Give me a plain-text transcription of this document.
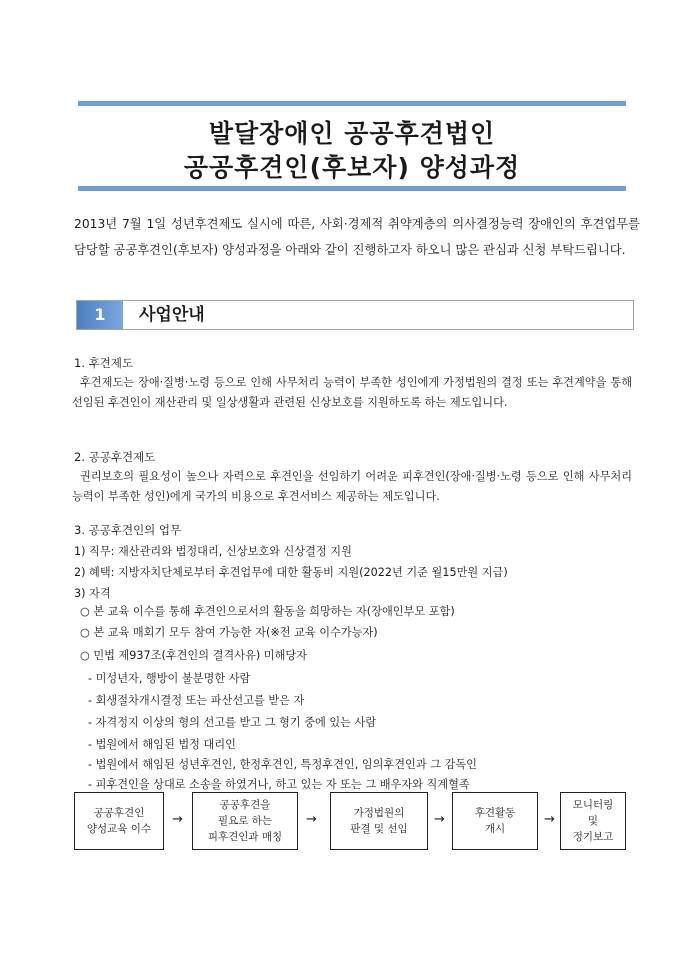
발달장애인 공공후견법인
공공후견인(후보자) 양성과정

2013년 7월 1일 성년후견제도 실시에 따른, 사회·경제적 취약계층의 의사결정능력 장애인의 후견업무를 담당할 공공후견인(후보자) 양성과정을 아래와 같이 진행하고자 하오니 많은 관심과 신청 부탁드립니다.

1	사업안내
1. 후견제도

후견제도는 장애·질병·노령 등으로 인해 사무처리 능력이 부족한 성인에게 가정법원의 결정 또는 후견계약을 통해 선임된 후견인이 재산관리 및 일상생활과 관련된 신상보호를 지원하도록 하는 제도입니다.

2. 공공후견제도

권리보호의 필요성이 높으나 자력으로 후견인을 선임하기 어려운 피후견인(장애·질병·노령 등으로 인해 사무처리 능력이 부족한 성인)에게 국가의 비용으로 후견서비스 제공하는 제도입니다.

3. 공공후견인의 업무

1) 직무: 재산관리와 법정대리, 신상보호와 신상결정 지원

2) 혜택: 지방자치단체로부터 후견업무에 대한 활동비 지원(2022년 기준 월15만원 지급)

3) 자격

○ 본 교육 이수를 통해 후견인으로서의 활동을 희망하는 자(장애인부모 포함)

○ 본 교육 매회기 모두 참여 가능한 자(※전 교육 이수가능자)

○ 민법 제937조(후견인의 결격사유) 미해당자

- 미성년자, 행방이 불분명한 사람

- 회생절차개시결정 또는 파산선고를 받은 자

- 자격정지 이상의 형의 선고를 받고 그 형기 중에 있는 사람

- 법원에서 해임된 법정 대리인

- 법원에서 해임된 성년후견인, 한정후견인, 특정후견인, 임의후견인과 그 감독인

- 피후견인을 상대로 소송을 하였거나, 하고 있는 자 또는 그 배우자와 직계혈족

공공후견인
양성교육 이수
→
공공후견을
필요로 하는
피후견인과 매칭
→	가정법원의
판결 및 선임
→	후견활동
개시
→
모니터링
및
정기보고
